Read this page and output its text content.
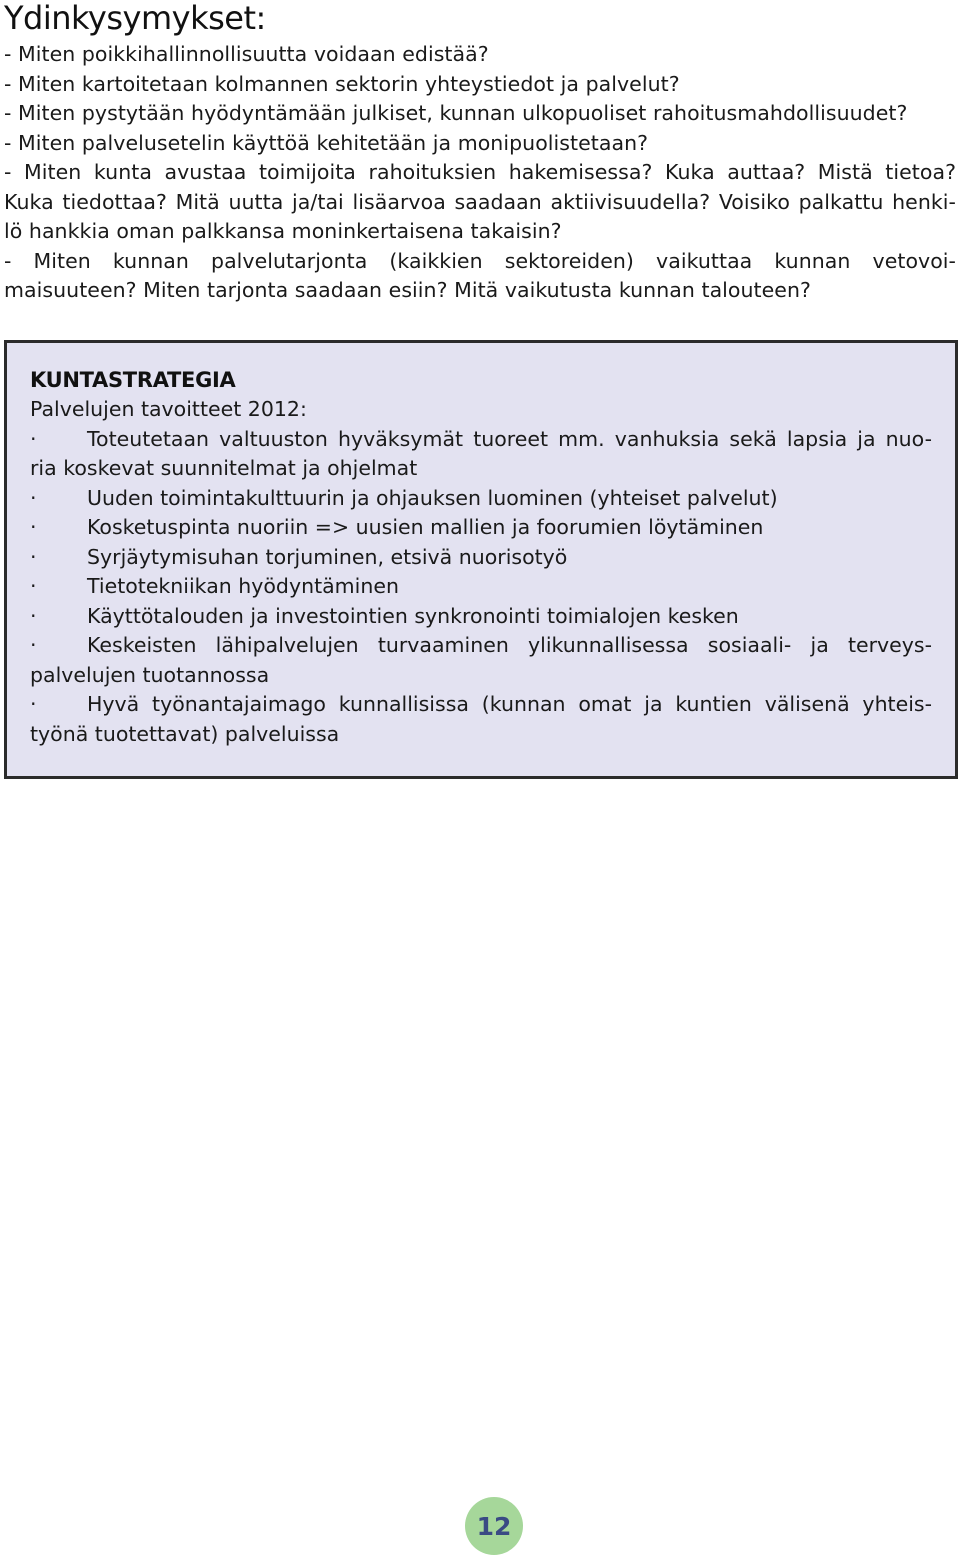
Ydinkysymykset:
- Miten poikkihallinnollisuutta voidaan edistää?
- Miten kartoitetaan kolmannen sektorin yhteystiedot ja palvelut?
- Miten pystytään hyödyntämään julkiset, kunnan ulkopuoliset rahoitusmahdollisuudet?
- Miten palvelusetelin käyttöä kehitetään ja monipuolistetaan?
- Miten kunta avustaa toimijoita rahoituksien hakemisessa? Kuka auttaa? Mistä tietoa?
Kuka tiedottaa? Mitä uutta ja/tai lisäarvoa saadaan aktiivisuudella? Voisiko palkattu henki-
lö hankkia oman palkkansa moninkertaisena takaisin?
- Miten kunnan palvelutarjonta (kaikkien sektoreiden) vaikuttaa kunnan vetovoi-
maisuuteen? Miten tarjonta saadaan esiin? Mitä vaikutusta kunnan talouteen?
KUNTASTRATEGIA
Palvelujen tavoitteet 2012:
·	Toteutetaan valtuuston hyväksymät tuoreet mm. vanhuksia sekä lapsia ja nuo-
ria koskevat suunnitelmat ja ohjelmat
·	Uuden toimintakulttuurin ja ohjauksen luominen (yhteiset palvelut)
·	Kosketuspinta nuoriin => uusien mallien ja foorumien löytäminen
·	Syrjäytymisuhan torjuminen, etsivä nuorisotyö
·	Tietotekniikan hyödyntäminen
·	Käyttötalouden ja investointien synkronointi toimialojen kesken
·	Keskeisten lähipalvelujen turvaaminen ylikunnallisessa sosiaali- ja terveys-
palvelujen tuotannossa
·	Hyvä työnantajaimago kunnallisissa (kunnan omat ja kuntien välisenä yhteis-
työnä tuotettavat) palveluissa
12
